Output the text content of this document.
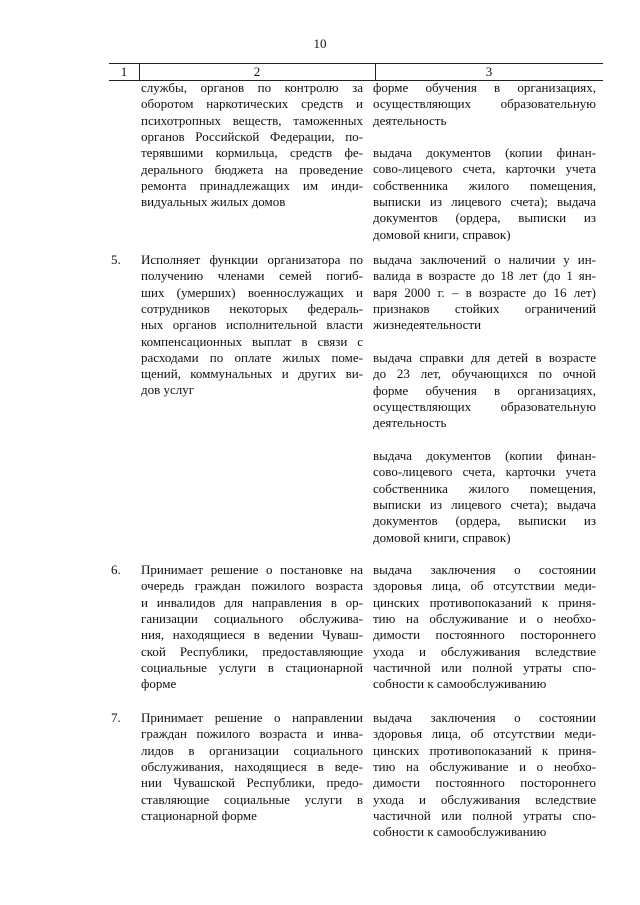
10
1	2	3
службы, органов по контролю за
оборотом наркотических средств и
психотропных веществ, таможенных
органов Российской Федерации, по-
терявшими кормильца, средств фе-
дерального бюджета на проведение
ремонта принадлежащих им инди-
видуальных жилых домов
форме обучения в организациях,
осуществляющих образовательную
деятельность
выдача документов (копии финан-
сово-лицевого счета, карточки учета
собственника жилого помещения,
выписки из лицевого счета); выдача
документов (ордера, выписки из
домовой книги, справок)
5. Исполняет функции организатора по
получению членами семей погиб-
ших (умерших) военнослужащих и
сотрудников некоторых федераль-
ных органов исполнительной власти
компенсационных выплат в связи с
расходами по оплате жилых поме-
щений, коммунальных и других ви-
дов услуг
выдача заключений о наличии у ин-
валида в возрасте до 18 лет (до 1 ян-
варя 2000 г. – в возрасте до 16 лет)
признаков стойких ограничений
жизнедеятельности
выдача справки для детей в возрасте
до 23 лет, обучающихся по очной
форме обучения в организациях,
осуществляющих образовательную
деятельность
выдача документов (копии финан-
сово-лицевого счета, карточки учета
собственника жилого помещения,
выписки из лицевого счета); выдача
документов (ордера, выписки из
домовой книги, справок)
6. Принимает решение о постановке на
очередь граждан пожилого возраста
и инвалидов для направления в ор-
ганизации социального обслужива-
ния, находящиеся в ведении Чуваш-
ской Республики, предоставляющие
социальные услуги в стационарной
форме
выдача заключения о состоянии
здоровья лица, об отсутствии меди-
цинских противопоказаний к приня-
тию на обслуживание и о необхо-
димости постоянного постороннего
ухода и обслуживания вследствие
частичной или полной утраты спо-
собности к самообслуживанию
7. Принимает решение о направлении
граждан пожилого возраста и инва-
лидов в организации социального
обслуживания, находящиеся в веде-
нии Чувашской Республики, предо-
ставляющие социальные услуги в
стационарной форме
выдача заключения о состоянии
здоровья лица, об отсутствии меди-
цинских противопоказаний к приня-
тию на обслуживание и о необхо-
димости постоянного постороннего
ухода и обслуживания вследствие
частичной или полной утраты спо-
собности к самообслуживанию
